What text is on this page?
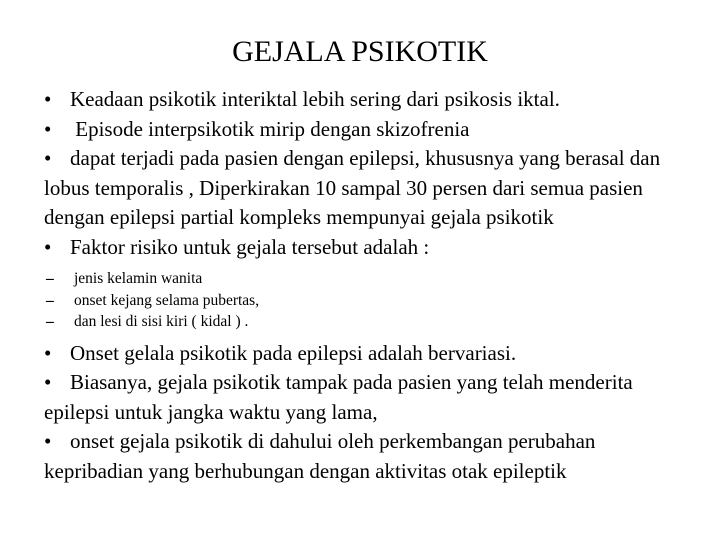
GEJALA PSIKOTIK

• Keadaan psikotik interiktal lebih sering dari psikosis iktal.

• Episode interpsikotik mirip dengan skizofrenia

• dapat terjadi pada pasien dengan epilepsi, khususnya yang berasal dan lobus temporalis , Diperkirakan 10 sampal 30 persen dari semua pasien dengan epilepsi partial kompleks mempunyai gejala psikotik

• Faktor risiko untuk gejala tersebut adalah :

– jenis kelamin wanita

– onset kejang selama pubertas,

– dan lesi di sisi kiri ( kidal ) .

• Onset gelala psikotik pada epilepsi adalah bervariasi.

• Biasanya, gejala psikotik tampak pada pasien yang telah menderita epilepsi untuk jangka waktu yang lama,

• onset gejala psikotik di dahului oleh perkembangan perubahan kepribadian yang berhubungan dengan aktivitas otak epileptik
